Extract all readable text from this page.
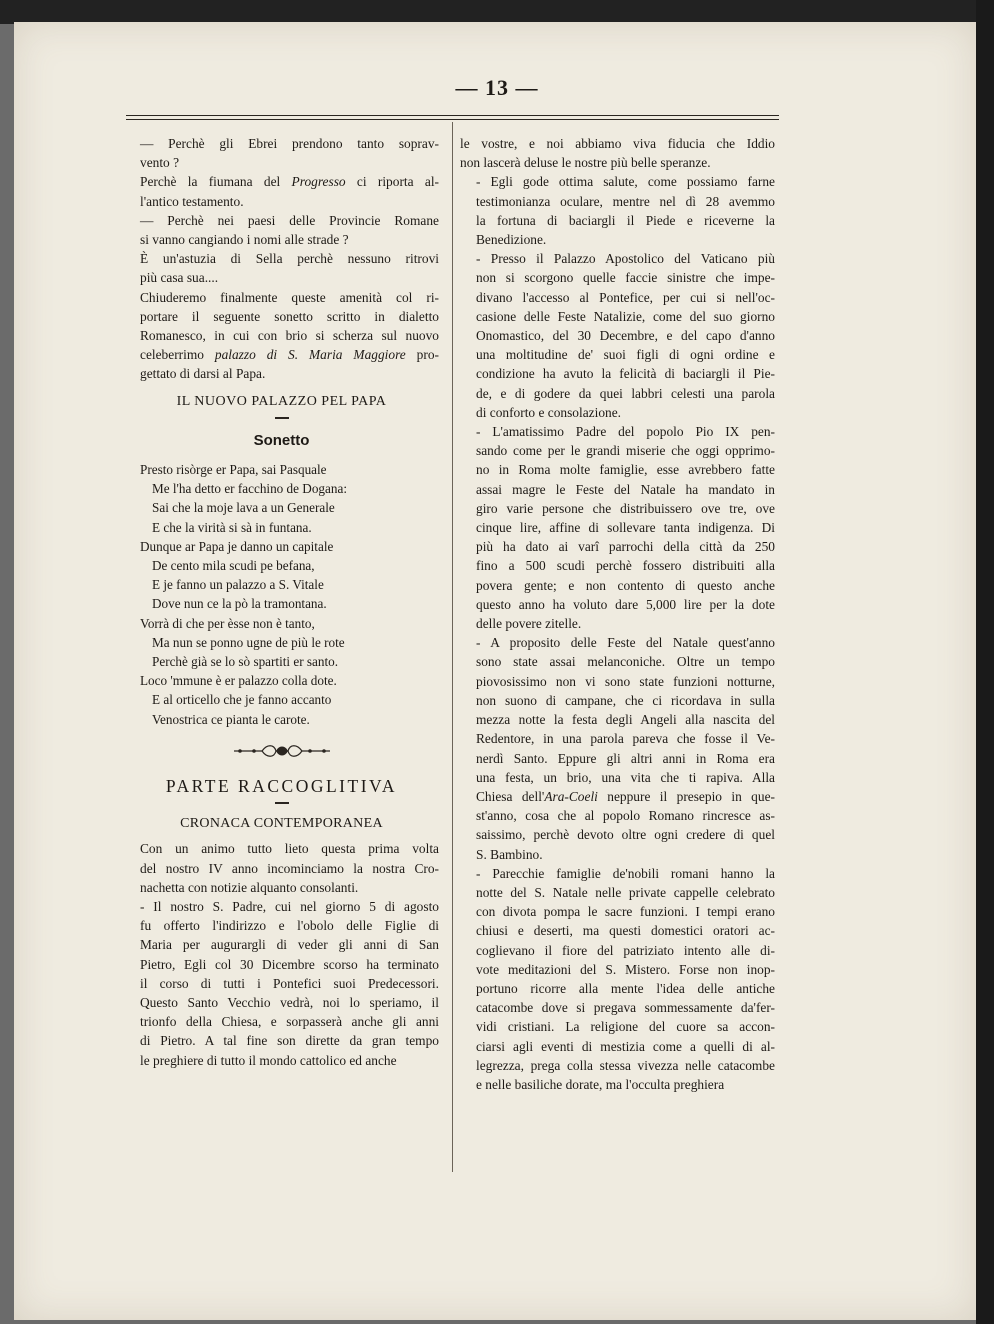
— 13 —

— Perchè gli Ebrei prendono tanto soprav-
vento ?

Perchè la fiumana del Progresso ci riporta al-
l'antico testamento.

— Perchè nei paesi delle Provincie Romane
si vanno cangiando i nomi alle strade ?

È un'astuzia di Sella perchè nessuno ritrovi
più casa sua....

Chiuderemo finalmente queste amenità col ri-
portare il seguente sonetto scritto in dialetto
Romanesco, in cui con brio si scherza sul nuovo
celeberrimo palazzo di S. Maria Maggiore pro-
gettato di darsi al Papa.

IL NUOVO PALAZZO PEL PAPA
Sonetto
Presto risòrge er Papa, sai Pasquale
Me l'ha detto er facchino de Dogana:
Sai che la moje lava a un Generale
E che la virità si sà in funtana.
Dunque ar Papa je danno un capitale
De cento mila scudi pe befana,
E je fanno un palazzo a S. Vitale
Dove nun ce la pò la tramontana.
Vorrà di che per èsse non è tanto,
Ma nun se ponno ugne de più le rote
Perchè già se lo sò spartiti er santo.
Loco 'mmune è er palazzo colla dote.
E al orticello che je fanno accanto
Venostrica ce pianta le carote.
PARTE RACCOGLITIVA
CRONACA CONTEMPORANEA

Con un animo tutto lieto questa prima volta
del nostro IV anno incominciamo la nostra Cro-
nachetta con notizie alquanto consolanti.

- Il nostro S. Padre, cui nel giorno 5 di agosto
fu offerto l'indirizzo e l'obolo delle Figlie di
Maria per augurargli di veder gli anni di San
Pietro, Egli col 30 Dicembre scorso ha terminato
il corso di tutti i Pontefici suoi Predecessori.
Questo Santo Vecchio vedrà, noi lo speriamo, il
trionfo della Chiesa, e sorpasserà anche gli anni
di Pietro. A tal fine son dirette da gran tempo
le preghiere di tutto il mondo cattolico ed anche

le vostre, e noi abbiamo viva fiducia che Iddio
non lascerà deluse le nostre più belle speranze.

- Egli gode ottima salute, come possiamo farne
testimonianza oculare, mentre nel dì 28 avemmo
la fortuna di baciargli il Piede e riceverne la
Benedizione.

- Presso il Palazzo Apostolico del Vaticano più
non si scorgono quelle faccie sinistre che impe-
divano l'accesso al Pontefice, per cui si nell'oc-
casione delle Feste Natalizie, come del suo giorno
Onomastico, del 30 Decembre, e del capo d'anno
una moltitudine de' suoi figli di ogni ordine e
condizione ha avuto la felicità di baciargli il Pie-
de, e di godere da quei labbri celesti una parola
di conforto e consolazione.

- L'amatissimo Padre del popolo Pio IX pen-
sando come per le grandi miserie che oggi opprimo-
no in Roma molte famiglie, esse avrebbero fatte
assai magre le Feste del Natale ha mandato in
giro varie persone che distribuissero ove tre, ove
cinque lire, affine di sollevare tanta indigenza. Di
più ha dato ai varî parrochi della città da 250
fino a 500 scudi perchè fossero distribuiti alla
povera gente; e non contento di questo anche
questo anno ha voluto dare 5,000 lire per la dote
delle povere zitelle.

- A proposito delle Feste del Natale quest'anno
sono state assai melanconiche. Oltre un tempo
piovosissimo non vi sono state funzioni notturne,
non suono di campane, che ci ricordava in sulla
mezza notte la festa degli Angeli alla nascita del
Redentore, in una parola pareva che fosse il Ve-
nerdì Santo. Eppure gli altri anni in Roma era
una festa, un brio, una vita che ti rapiva. Alla
Chiesa dell'Ara-Coeli neppure il presepio in que-
st'anno, cosa che al popolo Romano rincresce as-
saissimo, perchè devoto oltre ogni credere di quel
S. Bambino.

- Parecchie famiglie de'nobili romani hanno la
notte del S. Natale nelle private cappelle celebrato
con divota pompa le sacre funzioni. I tempi erano
chiusi e deserti, ma questi domestici oratori ac-
coglievano il fiore del patriziato intento alle di-
vote meditazioni del S. Mistero. Forse non inop-
portuno ricorre alla mente l'idea delle antiche
catacombe dove si pregava sommessamente da'fer-
vidi cristiani. La religione del cuore sa accon-
ciarsi agli eventi di mestizia come a quelli di al-
legrezza, prega colla stessa vivezza nelle catacombe
e nelle basiliche dorate, ma l'occulta preghiera
